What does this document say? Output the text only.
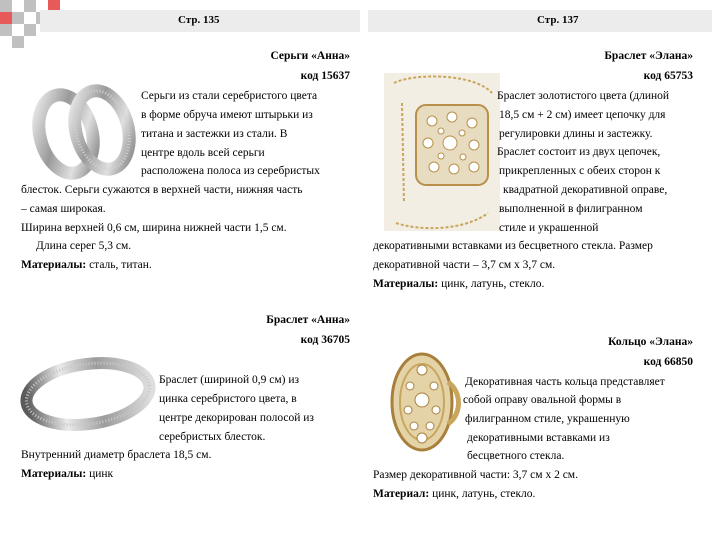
Стр. 135	Стр. 137
Серьги «Анна»
код 15637
Серьги из стали серебристого цвета
в форме обруча имеют штырьки из
титана и застежки из стали. В
центре вдоль всей серьги
расположена полоса из серебристых
блесток. Серьги сужаются в верхней части, нижняя часть
– самая широкая.
Ширина верхней 0,6 см, ширина нижней части 1,5 см.
Длина серег 5,3 см.
Материалы: сталь, титан.
Браслет «Элана»
код 65753
Браслет золотистого цвета (длиной
18,5 см + 2 см) имеет цепочку для
регулировки длины и застежку.
Браслет состоит из двух цепочек,
прикрепленных с обеих сторон к
квадратной декоративной оправе,
выполненной в филигранном
стиле и украшенной
декоративными вставками из бесцветного стекла. Размер
декоративной части – 3,7 см х 3,7 см.
Материалы: цинк, латунь, стекло.
Браслет «Анна»
код 36705
Браслет (шириной 0,9 см) из
цинка серебристого цвета, в
центре декорирован полосой из
серебристых блесток.
Внутренний диаметр браслета 18,5 см.
Материалы: цинк
Кольцо «Элана»
код 66850
Декоративная часть кольца представляет
собой оправу овальной формы в
филигранном стиле, украшенную
декоративными вставками из
бесцветного стекла.
Размер декоративной части: 3,7 см х 2 см.
Материал: цинк, латунь, стекло.
